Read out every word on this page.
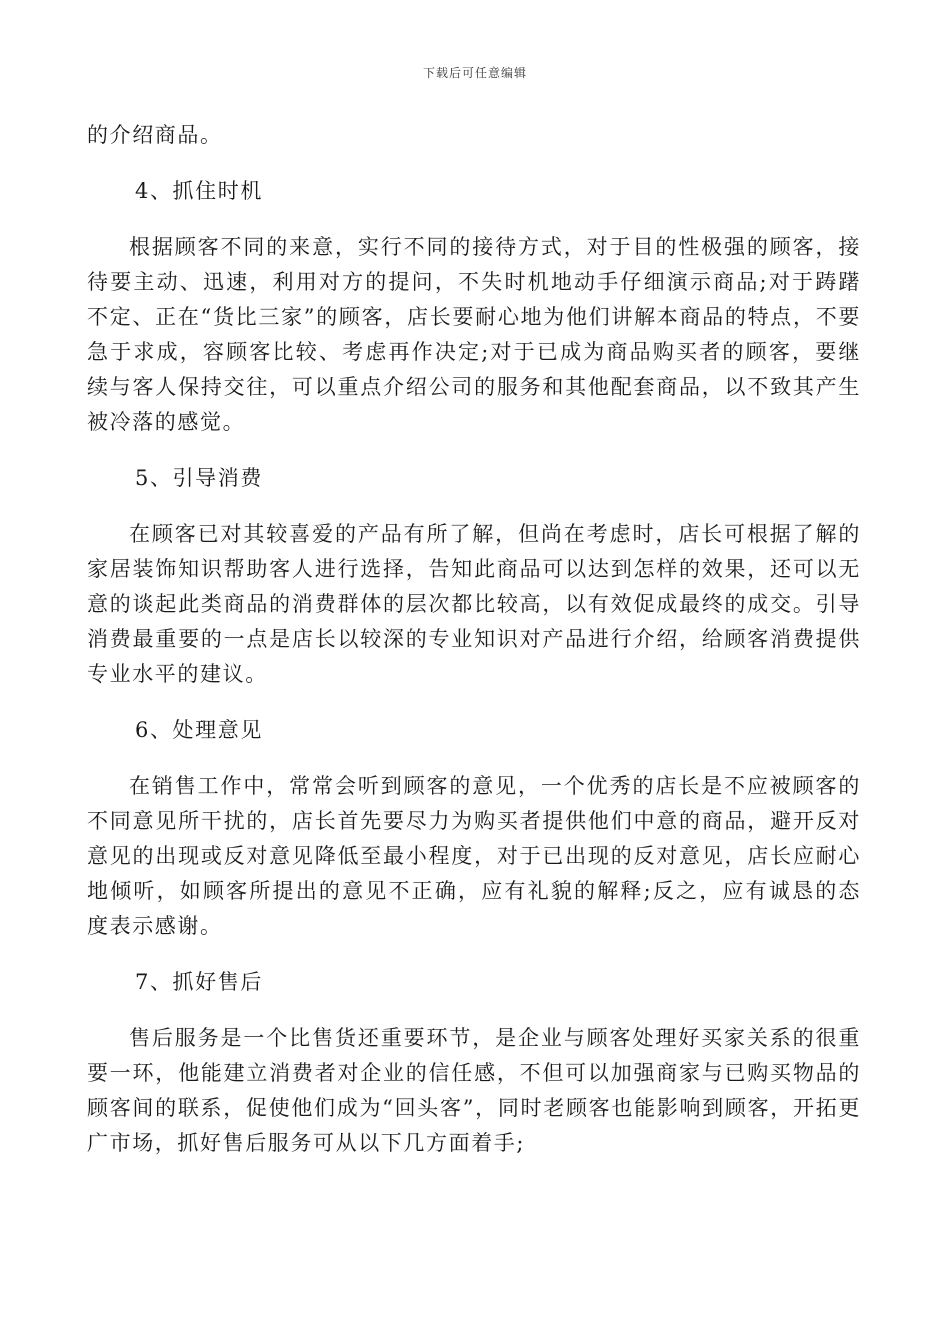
下载后可任意编辑

的介绍商品。

4、抓住时机

根据顾客不同的来意，实行不同的接待方式，对于目的性极强的顾客，接待要主动、迅速，利用对方的提问，不失时机地动手仔细演示商品;对于踌躇不定、正在“货比三家”的顾客，店长要耐心地为他们讲解本商品的特点，不要急于求成，容顾客比较、考虑再作决定;对于已成为商品购买者的顾客，要继续与客人保持交往，可以重点介绍公司的服务和其他配套商品，以不致其产生被冷落的感觉。

5、引导消费

在顾客已对其较喜爱的产品有所了解，但尚在考虑时，店长可根据了解的家居装饰知识帮助客人进行选择，告知此商品可以达到怎样的效果，还可以无意的谈起此类商品的消费群体的层次都比较高，以有效促成最终的成交。引导消费最重要的一点是店长以较深的专业知识对产品进行介绍，给顾客消费提供专业水平的建议。

6、处理意见

在销售工作中，常常会听到顾客的意见，一个优秀的店长是不应被顾客的不同意见所干扰的，店长首先要尽力为购买者提供他们中意的商品，避开反对意见的出现或反对意见降低至最小程度，对于已出现的反对意见，店长应耐心地倾听，如顾客所提出的意见不正确，应有礼貌的解释;反之，应有诚恳的态度表示感谢。

7、抓好售后

售后服务是一个比售货还重要环节，是企业与顾客处理好买家关系的很重要一环，他能建立消费者对企业的信任感，不但可以加强商家与已购买物品的顾客间的联系，促使他们成为“回头客”，同时老顾客也能影响到顾客，开拓更广市场，抓好售后服务可从以下几方面着手;
